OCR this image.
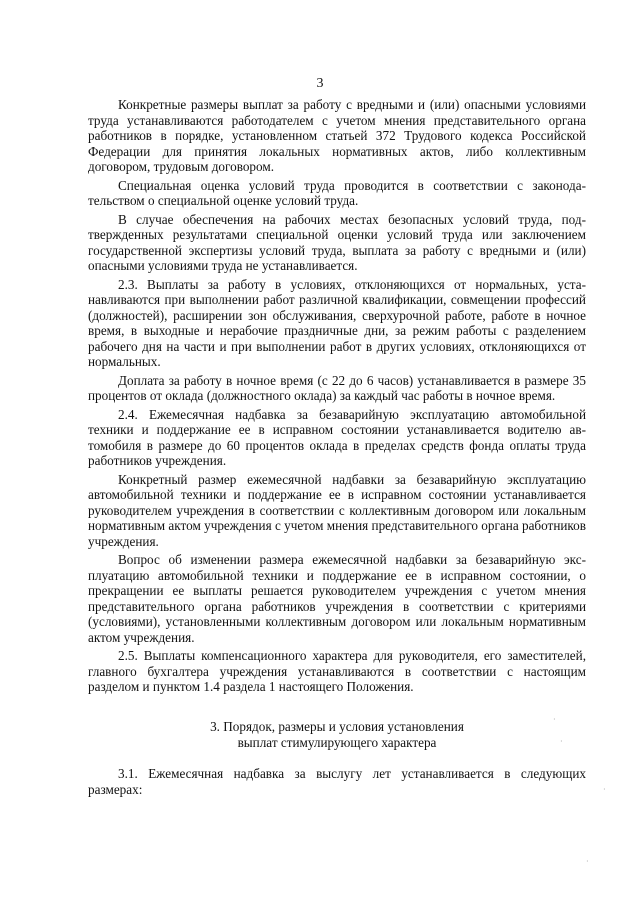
3

Конкретные размеры выплат за работу с вредными и (или) опасными условиями труда устанавливаются работодателем с учетом мнения представительного органа работников в порядке, установленном статьей 372 Трудового кодекса Российской Федерации для принятия локальных нормативных актов, либо коллективным договором, трудовым договором.

Специальная оценка условий труда проводится в соответствии с законодательством о специальной оценке условий труда.

В случае обеспечения на рабочих местах безопасных условий труда, подтвержденных результатами специальной оценки условий труда или заключением государственной экспертизы условий труда, выплата за работу с вредными и (или) опасными условиями труда не устанавливается.

2.3. Выплаты за работу в условиях, отклоняющихся от нормальных, устанавливаются при выполнении работ различной квалификации, совмещении профессий (должностей), расширении зон обслуживания, сверхурочной работе, работе в ночное время, в выходные и нерабочие праздничные дни, за режим работы с разделением рабочего дня на части и при выполнении работ в других условиях, отклоняющихся от нормальных.

Доплата за работу в ночное время (с 22 до 6 часов) устанавливается в размере 35 процентов от оклада (должностного оклада) за каждый час работы в ночное время.

2.4. Ежемесячная надбавка за безаварийную эксплуатацию автомобильной техники и поддержание ее в исправном состоянии устанавливается водителю автомобиля в размере до 60 процентов оклада в пределах средств фонда оплаты труда работников учреждения.

Конкретный размер ежемесячной надбавки за безаварийную эксплуатацию автомобильной техники и поддержание ее в исправном состоянии устанавливается руководителем учреждения в соответствии с коллективным договором или локальным нормативным актом учреждения с учетом мнения представительного органа работников учреждения.

Вопрос об изменении размера ежемесячной надбавки за безаварийную эксплуатацию автомобильной техники и поддержание ее в исправном состоянии, о прекращении ее выплаты решается руководителем учреждения с учетом мнения представительного органа работников учреждения в соответствии с критериями (условиями), установленными коллективным договором или локальным нормативным актом учреждения.

2.5. Выплаты компенсационного характера для руководителя, его заместителей, главного бухгалтера учреждения устанавливаются в соответствии с настоящим разделом и пунктом 1.4 раздела 1 настоящего Положения.

3. Порядок, размеры и условия установления
выплат стимулирующего характера

3.1. Ежемесячная надбавка за выслугу лет устанавливается в следующих размерах:

·
·
·
·
